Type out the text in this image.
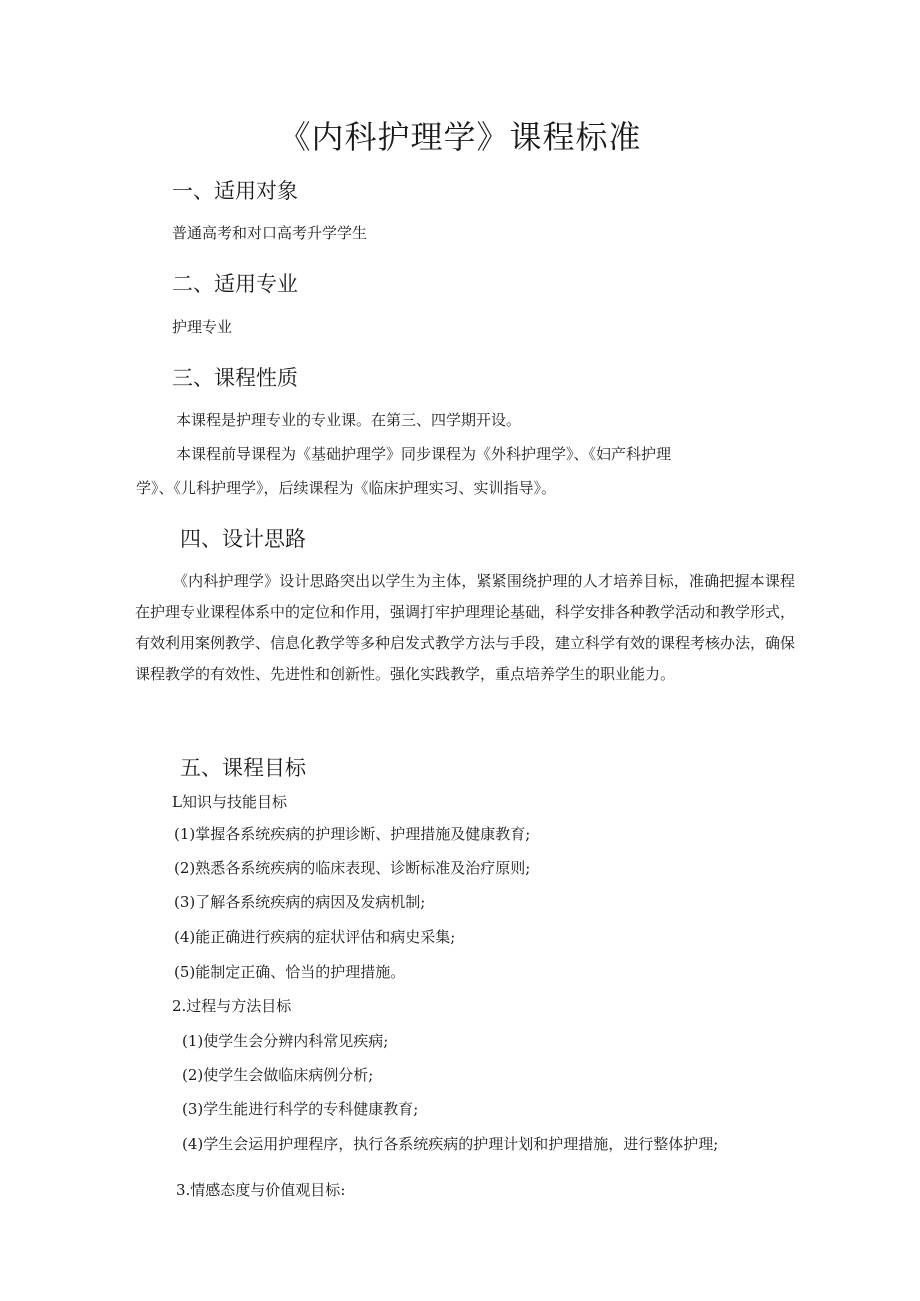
《内科护理学》课程标准
一、适用对象
普通高考和对口高考升学学生
二、适用专业
护理专业
三、课程性质
本课程是护理专业的专业课。在第三、四学期开设。
本课程前导课程为《基础护理学》同步课程为《外科护理学》、《妇产科护理
学》、《儿科护理学》，后续课程为《临床护理实习、实训指导》。
四、设计思路
《内科护理学》设计思路突出以学生为主体，紧紧围绕护理的人才培养目标，准确把握本课程在护理专业课程体系中的定位和作用，强调打牢护理理论基础，科学安排各种教学活动和教学形式，有效利用案例教学、信息化教学等多种启发式教学方法与手段，建立科学有效的课程考核办法，确保课程教学的有效性、先进性和创新性。强化实践教学，重点培养学生的职业能力。
五、课程目标
L知识与技能目标
(1)掌握各系统疾病的护理诊断、护理措施及健康教育;
(2)熟悉各系统疾病的临床表现、诊断标准及治疗原则;
(3)了解各系统疾病的病因及发病机制;
(4)能正确进行疾病的症状评估和病史采集;
(5)能制定正确、恰当的护理措施。
2.过程与方法目标
(1)使学生会分辨内科常见疾病;
(2)使学生会做临床病例分析;
(3)学生能进行科学的专科健康教育;
(4)学生会运用护理程序，执行各系统疾病的护理计划和护理措施，进行整体护理;
3.情感态度与价值观目标:
